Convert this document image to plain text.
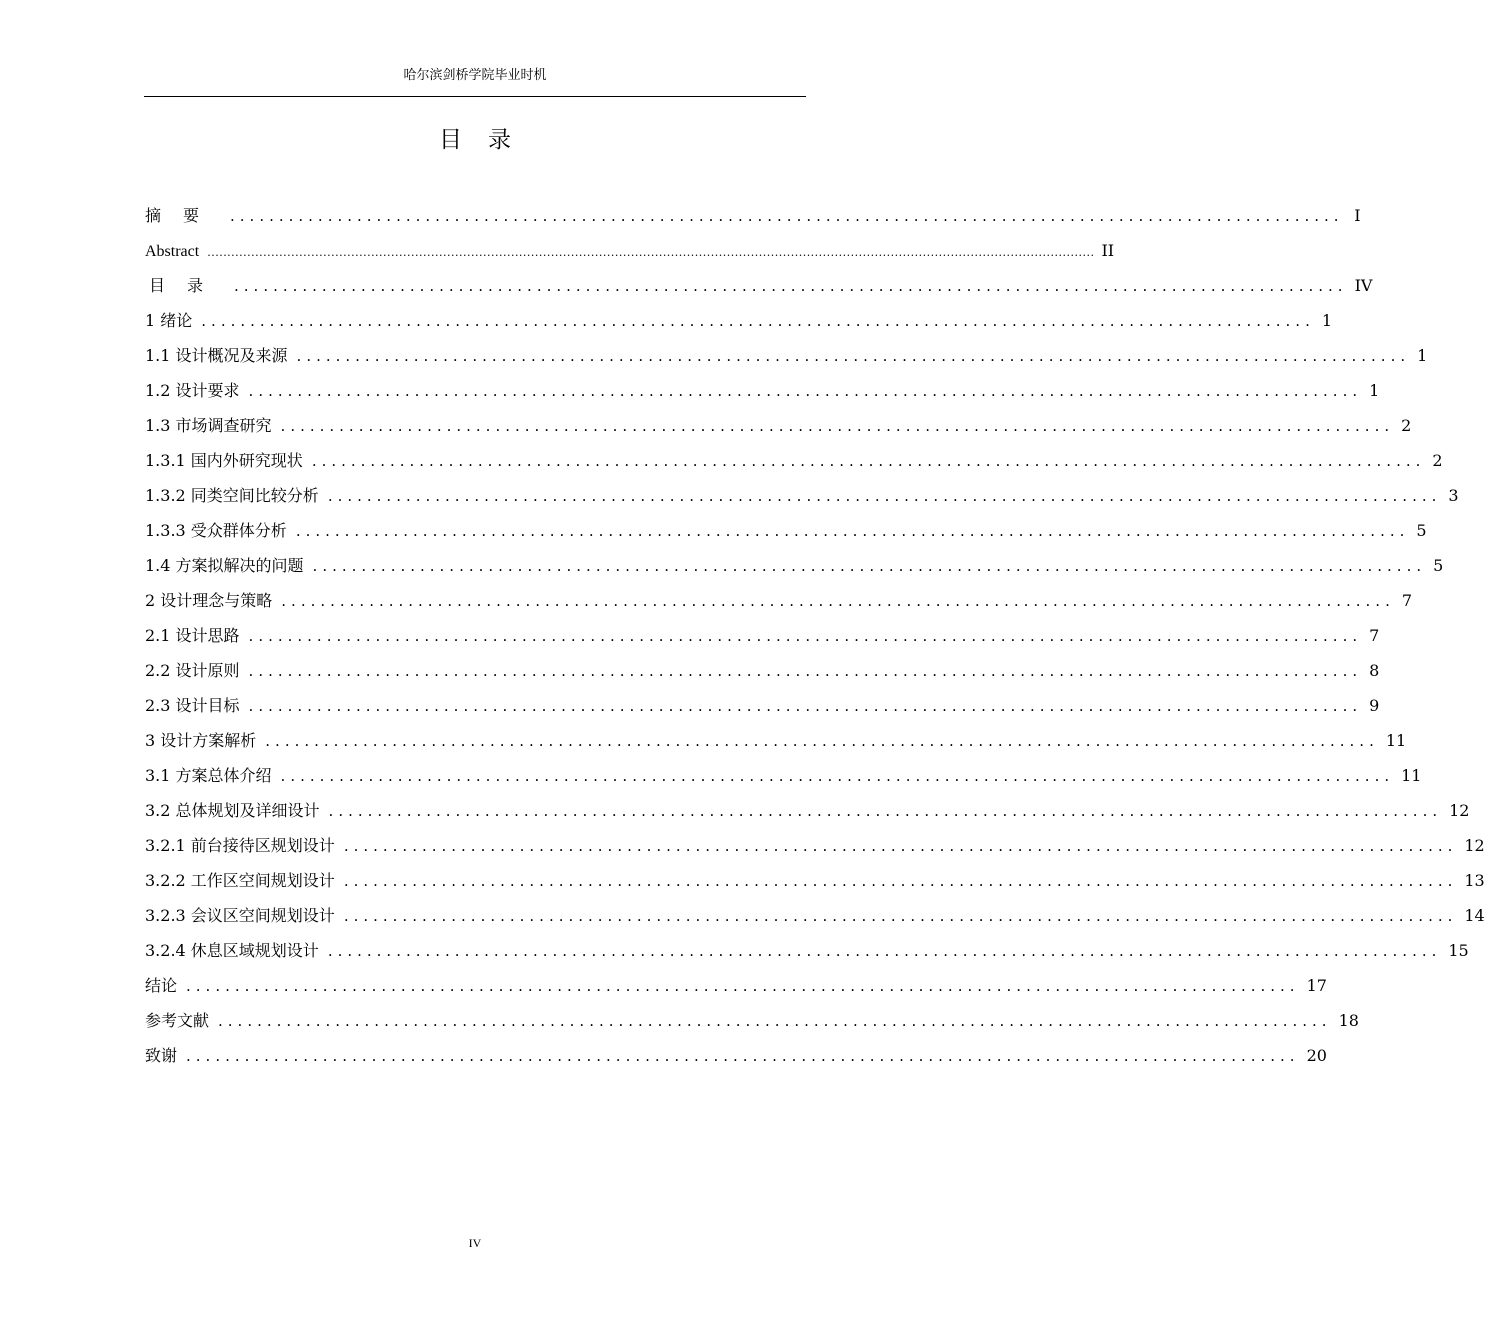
哈尔滨剑桥学院毕业时机
目录
摘要 .................................................................................................................. I
Abstract .............................................................................................................................................................................................................................. II
目录 .................................................................................................................. IV
1 绪论 .................................................................................................................. 1
1.1 设计概况及来源 .................................................................................................................. 1
1.2 设计要求 .................................................................................................................. 1
1.3 市场调查研究 .................................................................................................................. 2
1.3.1 国内外研究现状 .................................................................................................................. 2
1.3.2 同类空间比较分析 .................................................................................................................. 3
1.3.3 受众群体分析 .................................................................................................................. 5
1.4 方案拟解决的问题 .................................................................................................................. 5
2 设计理念与策略 .................................................................................................................. 7
2.1 设计思路 .................................................................................................................. 7
2.2 设计原则 .................................................................................................................. 8
2.3 设计目标 .................................................................................................................. 9
3 设计方案解析 .................................................................................................................. 11
3.1 方案总体介绍 .................................................................................................................. 11
3.2 总体规划及详细设计 .................................................................................................................. 12
3.2.1 前台接待区规划设计 .................................................................................................................. 12
3.2.2 工作区空间规划设计 .................................................................................................................. 13
3.2.3 会议区空间规划设计 .................................................................................................................. 14
3.2.4 休息区域规划设计 .................................................................................................................. 15
结论 .................................................................................................................. 17
参考文献 .................................................................................................................. 18
致谢 .................................................................................................................. 20
IV
